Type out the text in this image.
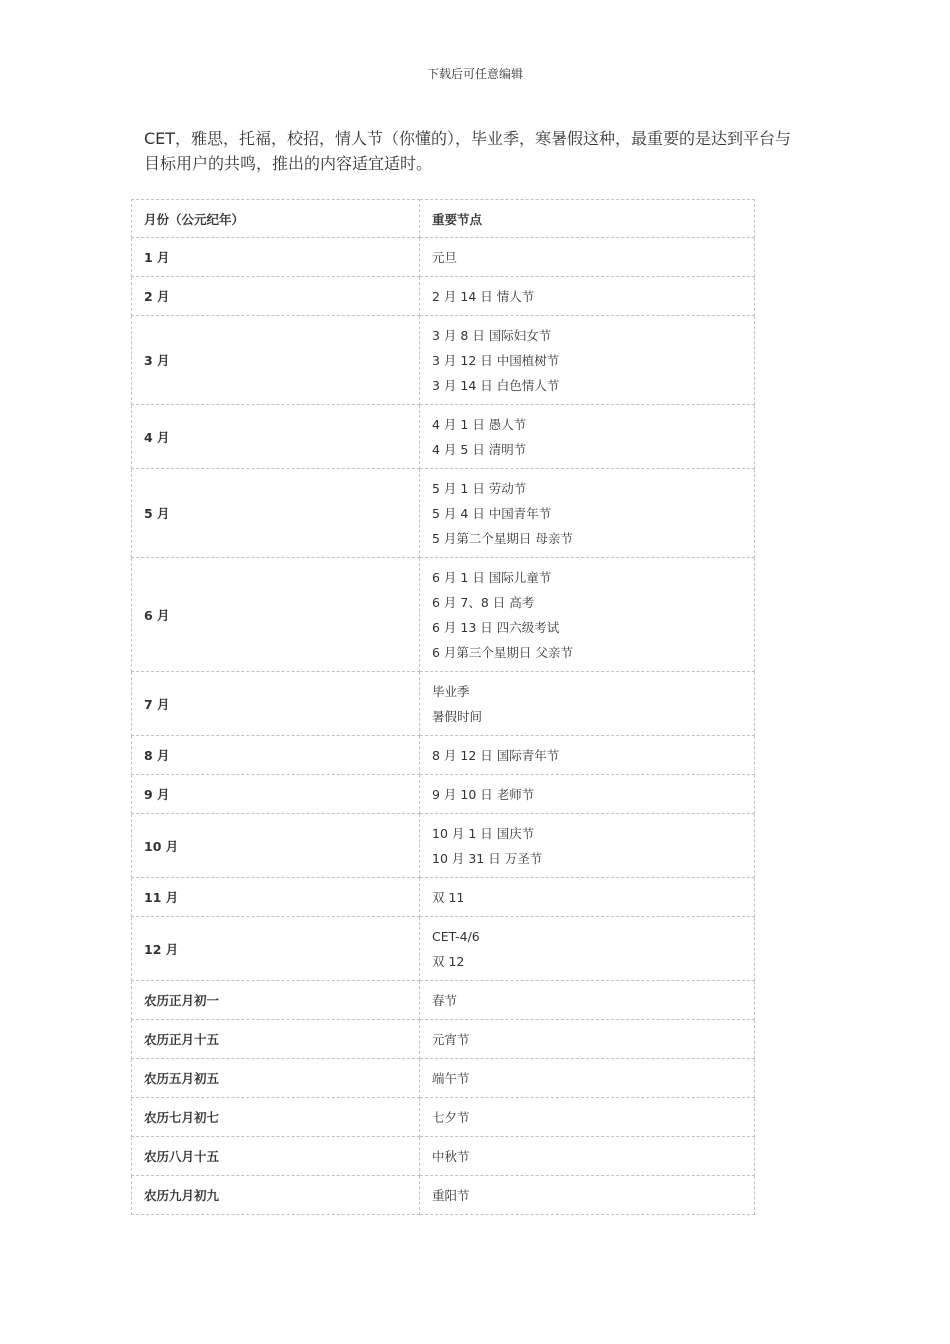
下载后可任意编辑

CET，雅思，托福，校招，情人节（你懂的），毕业季，寒暑假这种，最重要的是达到平台与目标用户的共鸣，推出的内容适宜适时。

月份（公元纪年）	重要节点
1 月	元旦

2 月	2 月 14 日 情人节

3 月	3 月 8 日 国际妇女节
3 月 12 日 中国植树节
3 月 14 日 白色情人节

4 月	4 月 1 日 愚人节
4 月 5 日 清明节

5 月	5 月 1 日 劳动节
5 月 4 日 中国青年节
5 月第二个星期日 母亲节

6 月	6 月 1 日 国际儿童节
6 月 7、8 日 高考
6 月 13 日 四六级考试
6 月第三个星期日 父亲节

7 月	毕业季
暑假时间

8 月	8 月 12 日 国际青年节

9 月	9 月 10 日 老师节

10 月	10 月 1 日 国庆节
10 月 31 日 万圣节

11 月	双 11

12 月	CET-4/6
双 12

农历正月初一	春节

农历正月十五	元宵节

农历五月初五	端午节

农历七月初七	七夕节

农历八月十五	中秋节

农历九月初九	重阳节
